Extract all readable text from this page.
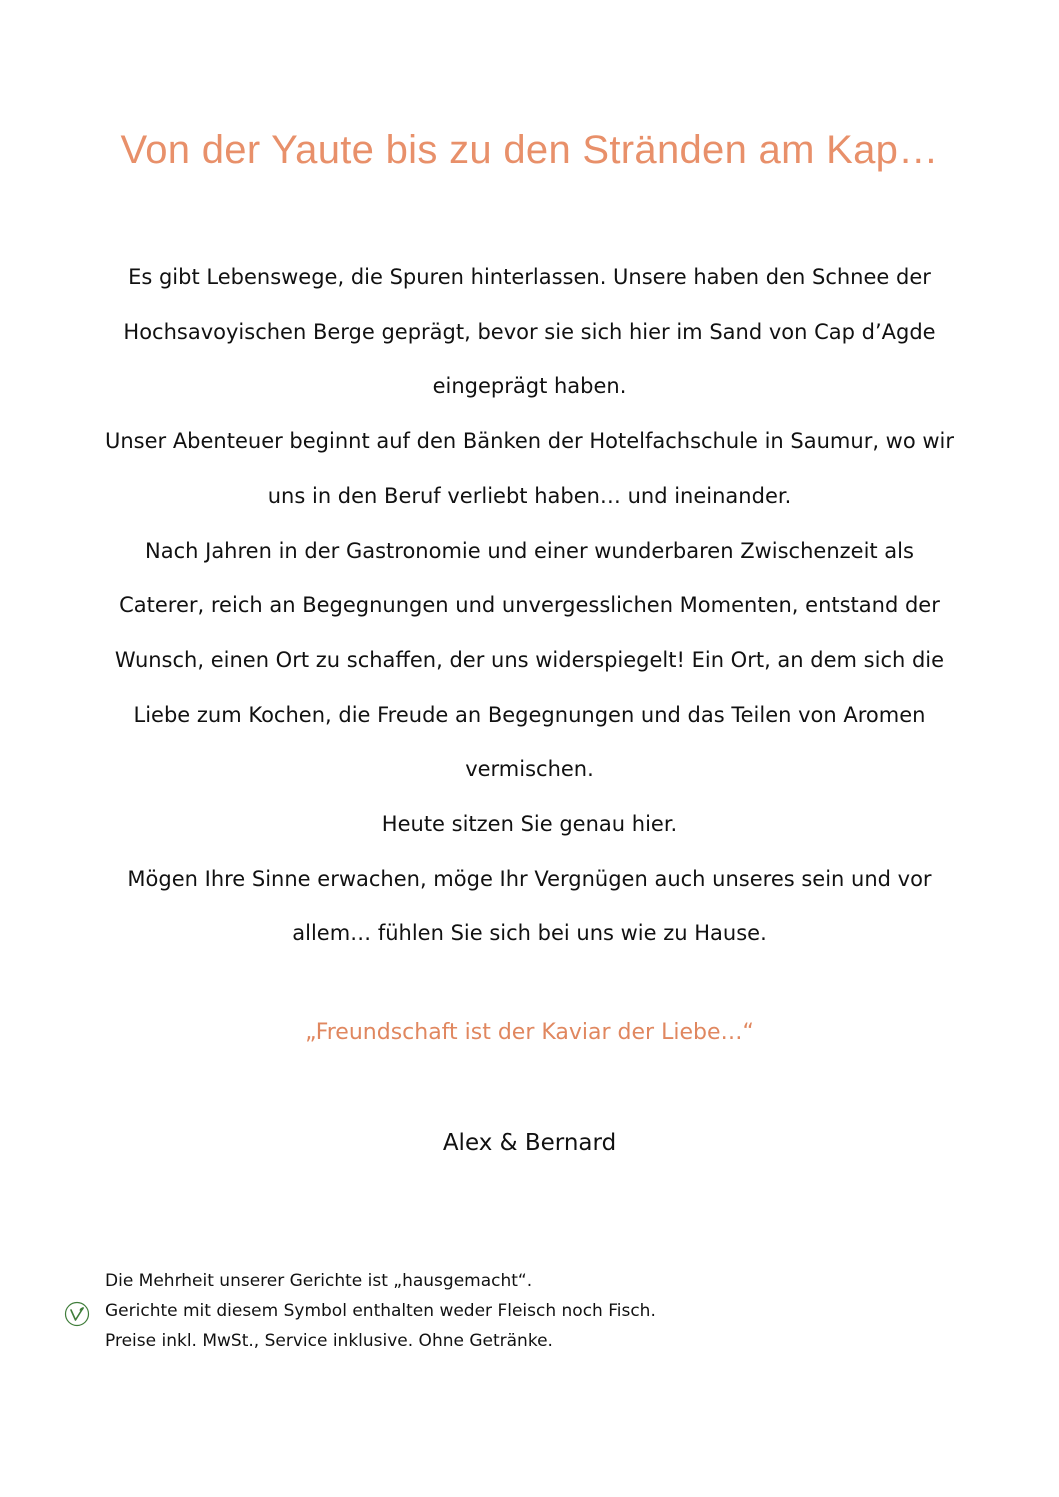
Von der Yaute bis zu den Stränden am Kap…

Es gibt Lebenswege, die Spuren hinterlassen. Unsere haben den Schnee der Hochsavoyischen Berge geprägt, bevor sie sich hier im Sand von Cap d’Agde eingeprägt haben.

Unser Abenteuer beginnt auf den Bänken der Hotelfachschule in Saumur, wo wir uns in den Beruf verliebt haben… und ineinander.

Nach Jahren in der Gastronomie und einer wunderbaren Zwischenzeit als Caterer, reich an Begegnungen und unvergesslichen Momenten, entstand der Wunsch, einen Ort zu schaffen, der uns widerspiegelt! Ein Ort, an dem sich die Liebe zum Kochen, die Freude an Begegnungen und das Teilen von Aromen vermischen.

Heute sitzen Sie genau hier.

Mögen Ihre Sinne erwachen, möge Ihr Vergnügen auch unseres sein und vor allem… fühlen Sie sich bei uns wie zu Hause.

„Freundschaft ist der Kaviar der Liebe…“

Alex & Bernard

Die Mehrheit unserer Gerichte ist „hausgemacht“.
Gerichte mit diesem Symbol enthalten weder Fleisch noch Fisch.
Preise inkl. MwSt., Service inklusive. Ohne Getränke.
